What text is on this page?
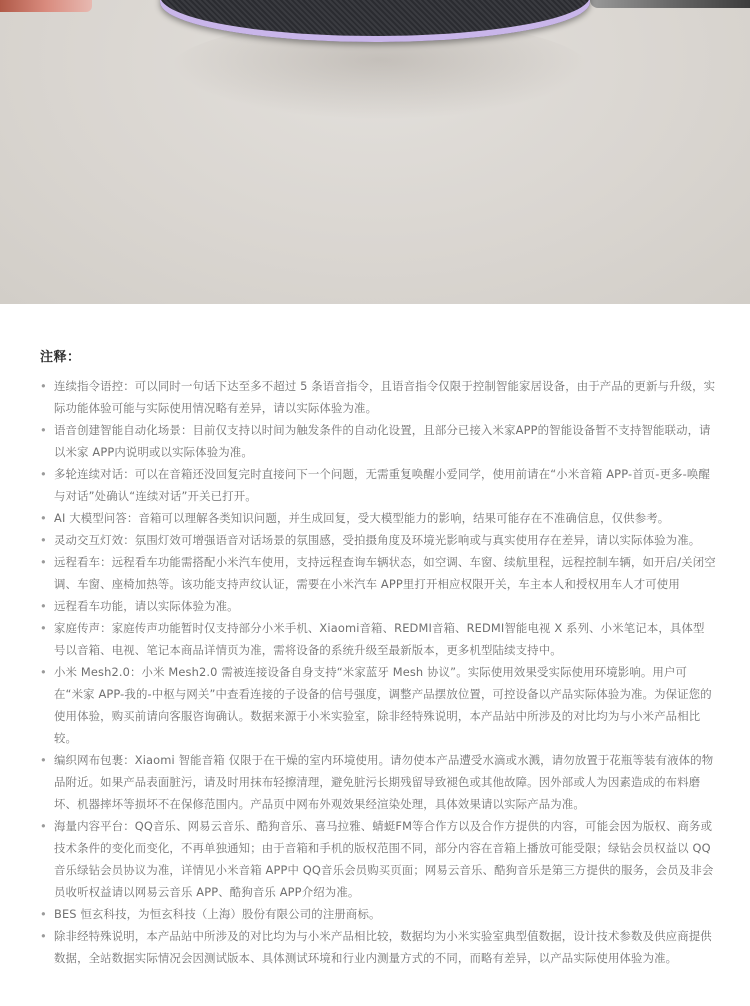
注释：
• 连续指令语控：可以同时一句话下达至多不超过 5 条语音指令，且语音指令仅限于控制智能家居设备，由于产品的更新与升级，实际功能体验可能与实际使用情况略有差异，请以实际体验为准。
• 语音创建智能自动化场景：目前仅支持以时间为触发条件的自动化设置，且部分已接入米家APP的智能设备暂不支持智能联动，请以米家 APP内说明或以实际体验为准。
• 多轮连续对话：可以在音箱还没回复完时直接问下一个问题，无需重复唤醒小爱同学，使用前请在“小米音箱 APP-首页-更多-唤醒与对话”处确认“连续对话”开关已打开。
• AI 大模型问答：音箱可以理解各类知识问题，并生成回复，受大模型能力的影响，结果可能存在不准确信息，仅供参考。
• 灵动交互灯效：氛围灯效可增强语音对话场景的氛围感，受拍摄角度及环境光影响或与真实使用存在差异，请以实际体验为准。
• 远程看车：远程看车功能需搭配小米汽车使用，支持远程查询车辆状态，如空调、车窗、续航里程，远程控制车辆，如开启/关闭空调、车窗、座椅加热等。该功能支持声纹认证，需要在小米汽车 APP里打开相应权限开关，车主本人和授权用车人才可使用
• 远程看车功能，请以实际体验为准。
• 家庭传声：家庭传声功能暂时仅支持部分小米手机、Xiaomi音箱、REDMI音箱、REDMI智能电视 X 系列、小米笔记本，具体型号以音箱、电视、笔记本商品详情页为准，需将设备的系统升级至最新版本，更多机型陆续支持中。
• 小米 Mesh2.0：小米 Mesh2.0 需被连接设备自身支持“米家蓝牙 Mesh 协议”。实际使用效果受实际使用环境影响。用户可在“米家 APP-我的-中枢与网关”中查看连接的子设备的信号强度，调整产品摆放位置，可控设备以产品实际体验为准。为保证您的使用体验，购买前请向客服咨询确认。数据来源于小米实验室，除非经特殊说明，本产品站中所涉及的对比均为与小米产品相比较。
• 编织网布包裹：Xiaomi 智能音箱 仅限于在干燥的室内环境使用。请勿使本产品遭受水滴或水溅，请勿放置于花瓶等装有液体的物品附近。如果产品表面脏污，请及时用抹布轻擦清理，避免脏污长期残留导致褪色或其他故障。因外部或人为因素造成的布料磨坏、机器摔坏等损坏不在保修范围内。产品页中网布外观效果经渲染处理，具体效果请以实际产品为准。
• 海量内容平台：QQ音乐、网易云音乐、酷狗音乐、喜马拉雅、蜻蜓FM等合作方以及合作方提供的内容，可能会因为版权、商务或技术条件的变化而变化，不再单独通知；由于音箱和手机的版权范围不同，部分内容在音箱上播放可能受限；绿钻会员权益以 QQ音乐绿钻会员协议为准，详情见小米音箱 APP中 QQ音乐会员购买页面；网易云音乐、酷狗音乐是第三方提供的服务，会员及非会员收听权益请以网易云音乐 APP、酷狗音乐 APP介绍为准。
• BES 恒玄科技，为恒玄科技（上海）股份有限公司的注册商标。
• 除非经特殊说明，本产品站中所涉及的对比均为与小米产品相比较，数据均为小米实验室典型值数据，设计技术参数及供应商提供数据，全站数据实际情况会因测试版本、具体测试环境和行业内测量方式的不同，而略有差异，以产品实际使用体验为准。
